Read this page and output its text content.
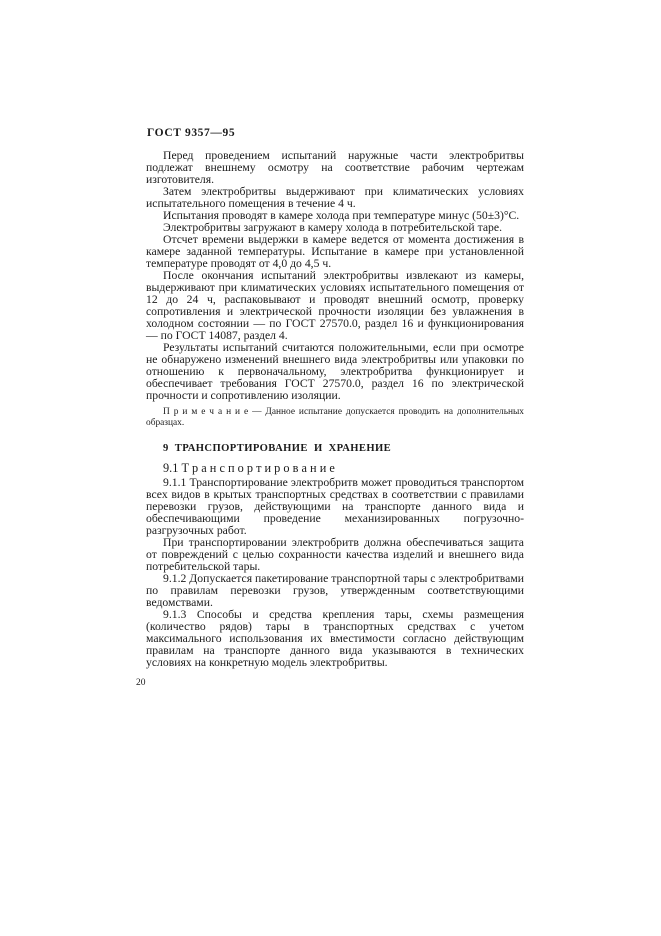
ГОСТ 9357—95

Перед проведением испытаний наружные части электробритвы подлежат внешнему осмотру на соответствие рабочим чертежам изготовителя.

Затем электробритвы выдерживают при климатических условиях испытательного помещения в течение 4 ч.

Испытания проводят в камере холода при температуре минус (50±3)°С.

Электробритвы загружают в камеру холода в потребительской таре.

Отсчет времени выдержки в камере ведется от момента достижения в камере заданной температуры. Испытание в камере при установленной температуре проводят от 4,0 до 4,5 ч.

После окончания испытаний электробритвы извлекают из камеры, выдерживают при климатических условиях испытательного помещения от 12 до 24 ч, распаковывают и проводят внешний осмотр, проверку сопротивления и электрической прочности изоляции без увлажнения в холодном состоянии — по ГОСТ 27570.0, раздел 16 и функционирования — по ГОСТ 14087, раздел 4.

Результаты испытаний считаются положительными, если при осмотре не обнаружено изменений внешнего вида электробритвы или упаковки по отношению к первоначальному, электробритва функционирует и обеспечивает требования ГОСТ 27570.0, раздел 16 по электрической прочности и сопротивлению изоляции.

П р и м е ч а н и е — Данное испытание допускается проводить на дополнительных образцах.

9 ТРАНСПОРТИРОВАНИЕ И ХРАНЕНИЕ
9.1 Т р а н с п о р т и р о в а н и е

9.1.1 Транспортирование электробритв может проводиться транспортом всех видов в крытых транспортных средствах в соответствии с правилами перевозки грузов, действующими на транспорте данного вида и обеспечивающими проведение механизированных погрузочно-разгрузочных работ.

При транспортировании электробритв должна обеспечиваться защита от повреждений с целью сохранности качества изделий и внешнего вида потребительской тары.

9.1.2 Допускается пакетирование транспортной тары с электробритвами по правилам перевозки грузов, утвержденным соответствующими ведомствами.

9.1.3 Способы и средства крепления тары, схемы размещения (количество рядов) тары в транспортных средствах с учетом максимального использования их вместимости согласно действующим правилам на транспорте данного вида указываются в технических условиях на конкретную модель электробритвы.

20
